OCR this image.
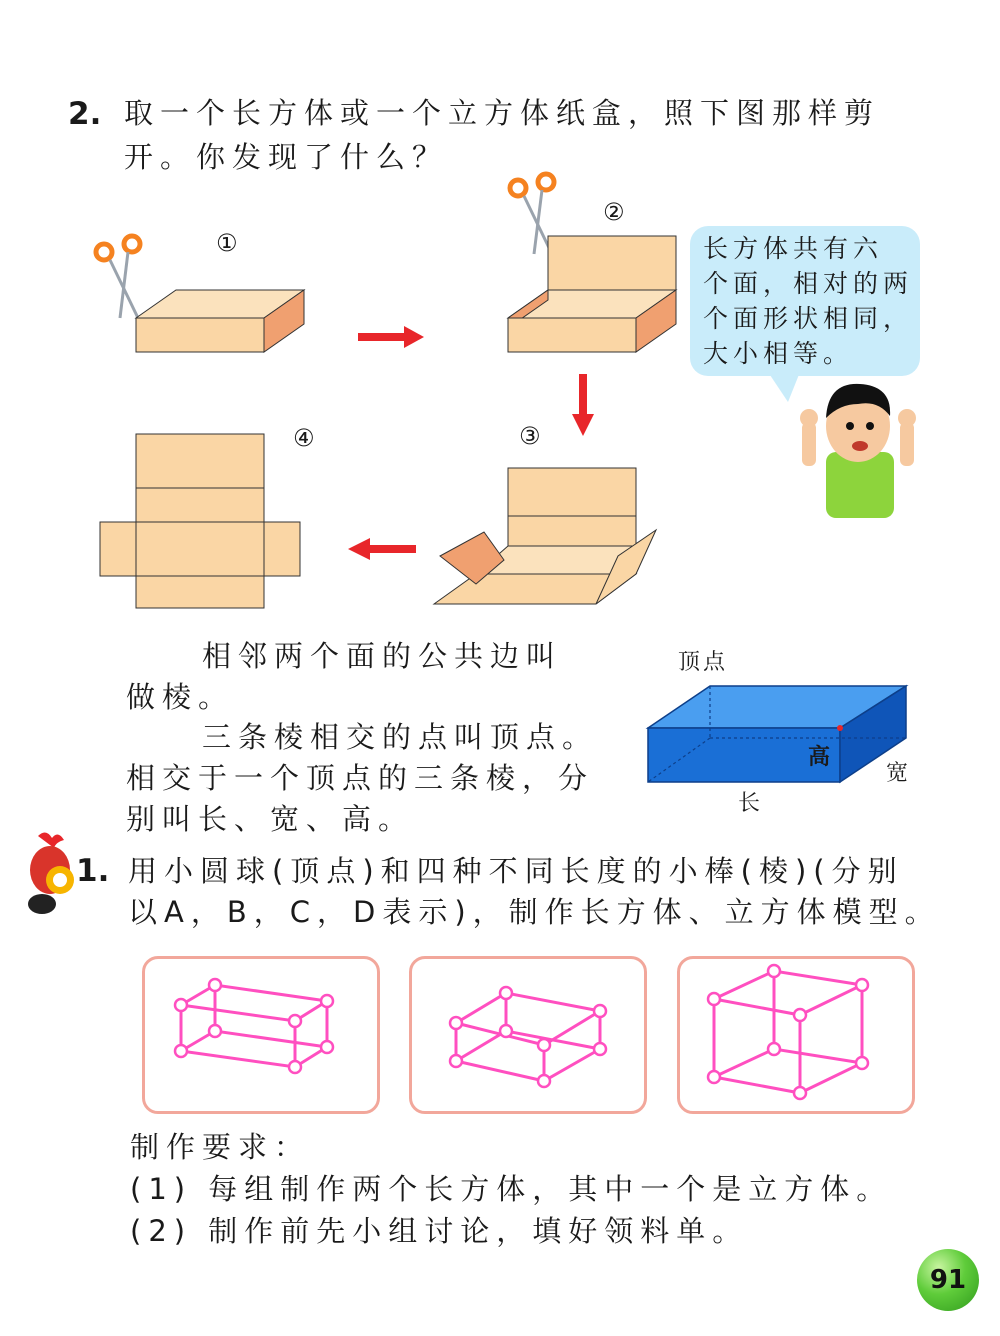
2. 取一个长方体或一个立方体纸盒，照下图那样剪
开。你发现了什么？
①
②
③
④
长方体共有六
个面，相对的两
个面形状相同，
大小相等。
相邻两个面的公共边叫
做棱。
三条棱相交的点叫顶点。
相交于一个顶点的三条棱，分
别叫长、宽、高。
顶点
高
宽
长
1. 用小圆球(顶点)和四种不同长度的小棒(棱)(分别
以A，B，C，D表示)，制作长方体、立方体模型。
制作要求：
(1) 每组制作两个长方体，其中一个是立方体。
(2) 制作前先小组讨论，填好领料单。
91
